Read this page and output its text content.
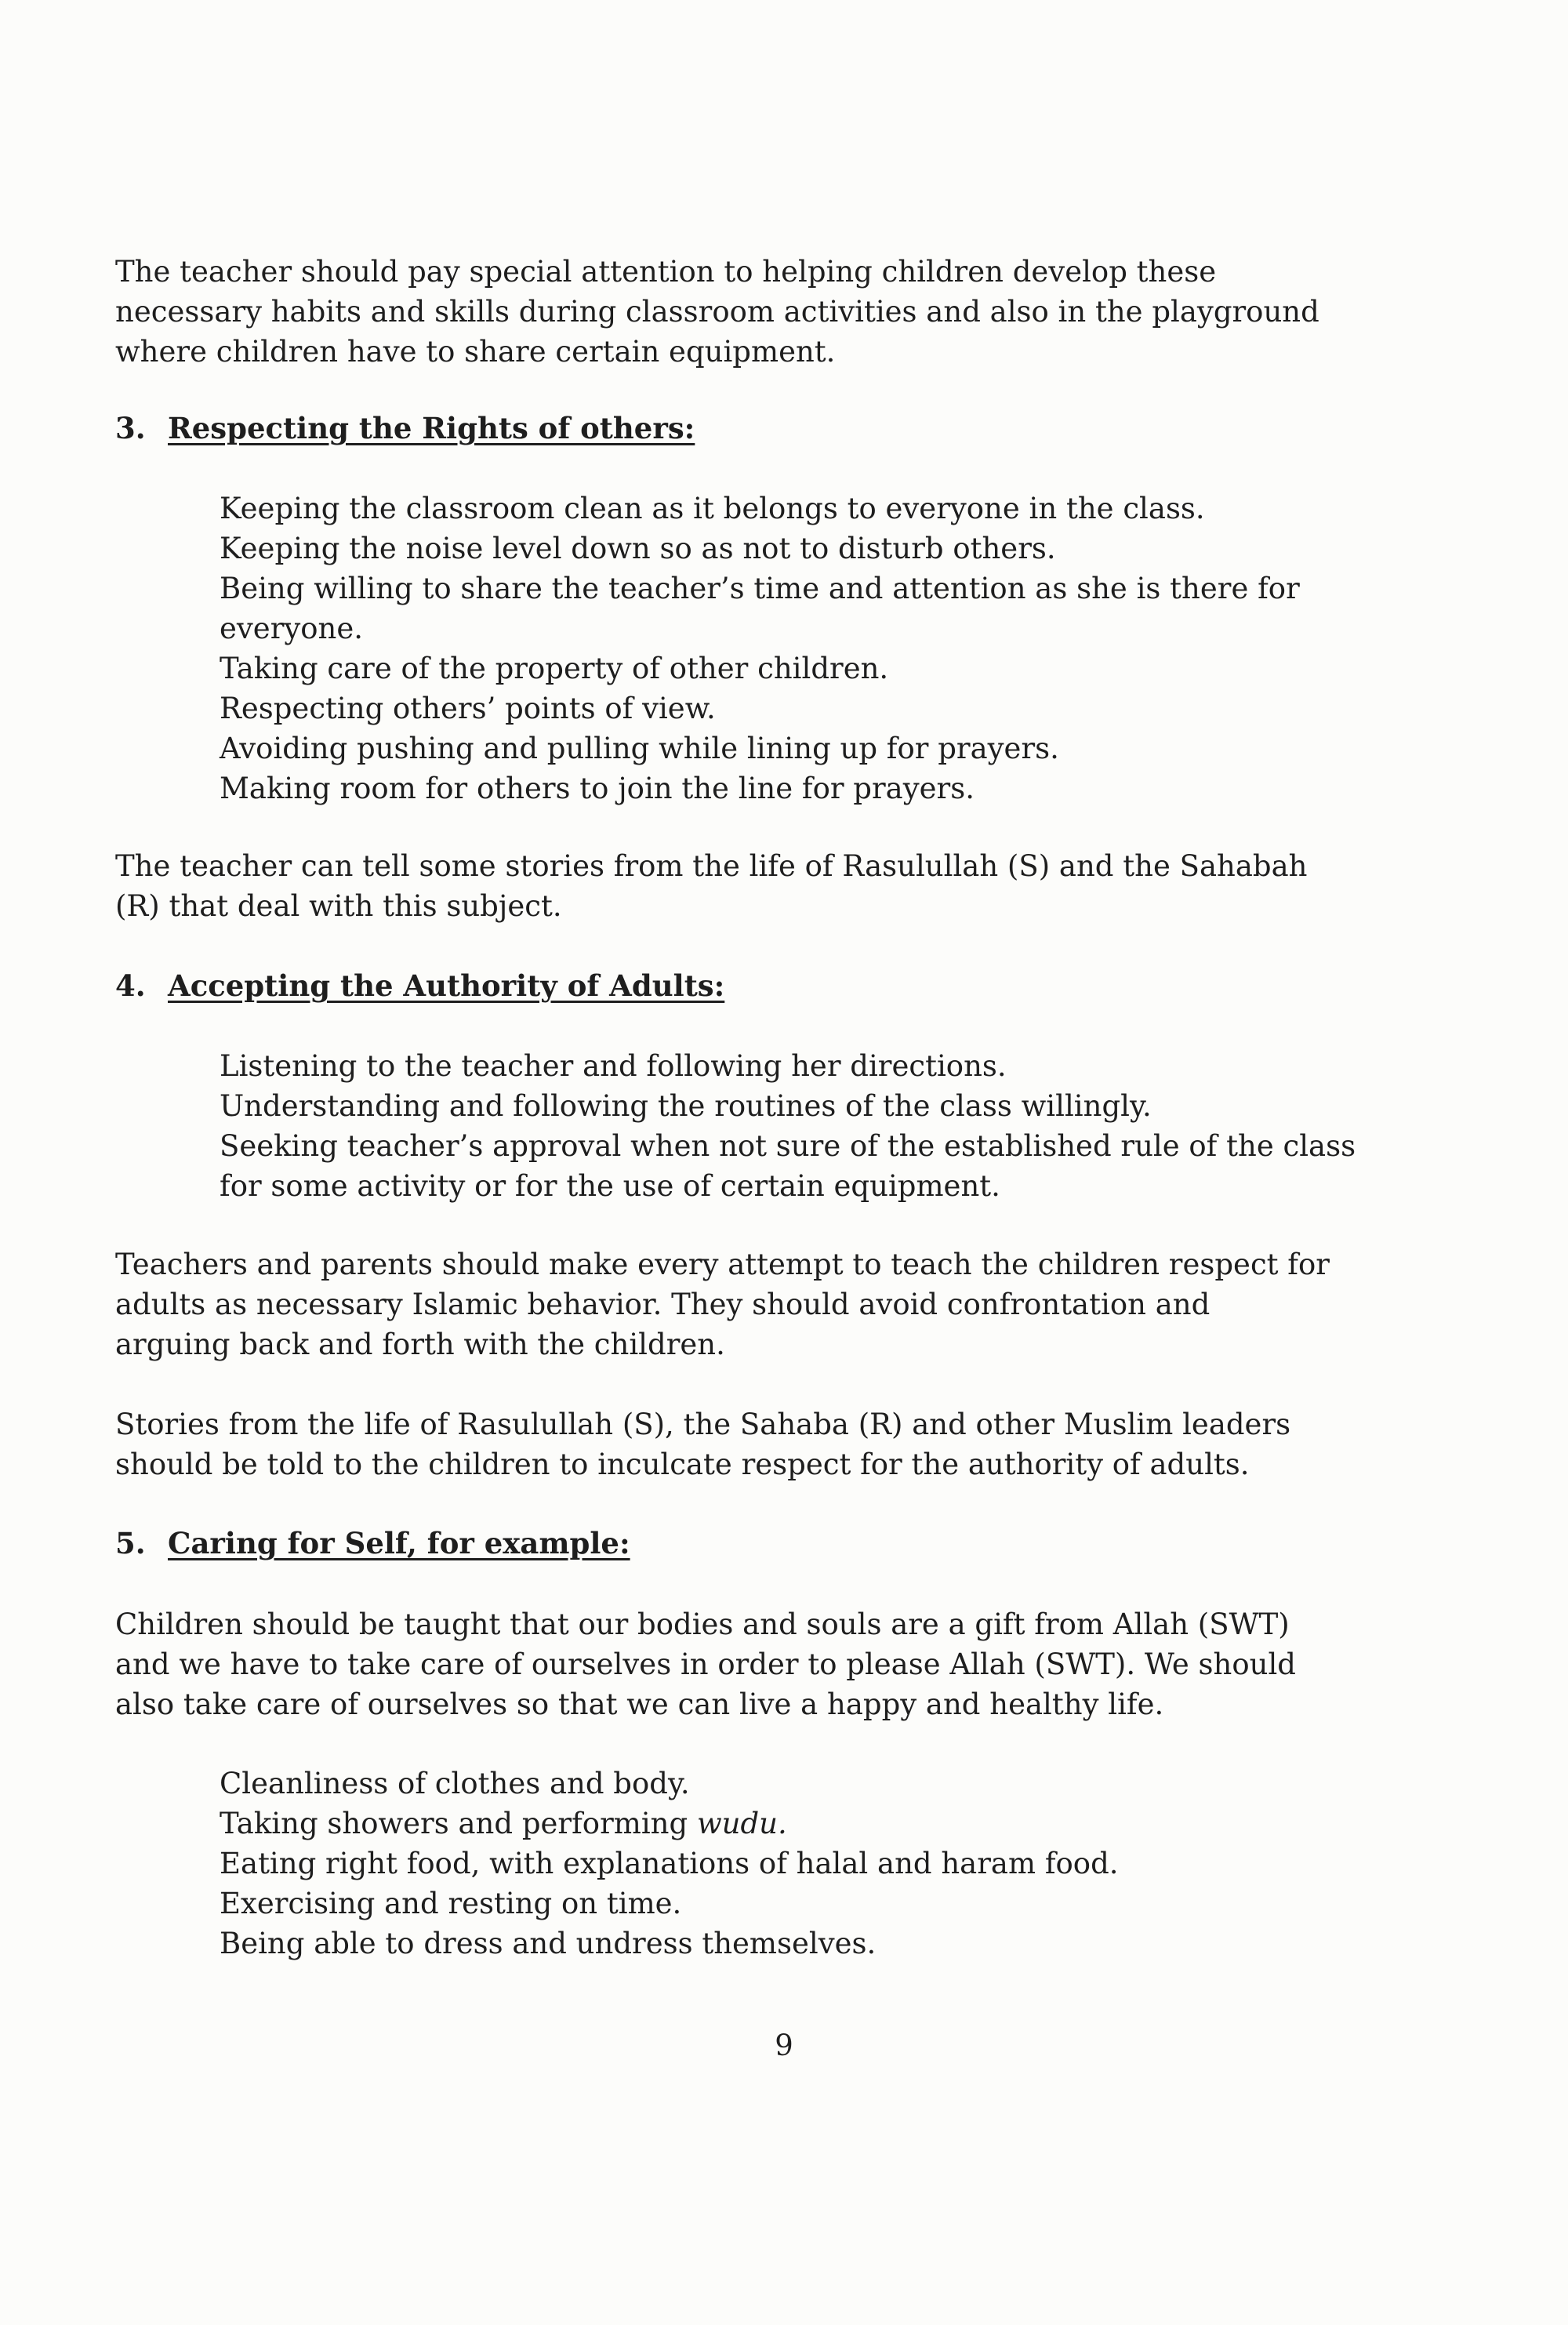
The teacher should pay special attention to helping children develop these
necessary habits and skills during classroom activities and also in the playground
where children have to share certain equipment.
3. Respecting the Rights of others:
Keeping the classroom clean as it belongs to everyone in the class.
Keeping the noise level down so as not to disturb others.
Being willing to share the teacher’s time and attention as she is there for
everyone.
Taking care of the property of other children.
Respecting others’ points of view.
Avoiding pushing and pulling while lining up for prayers.
Making room for others to join the line for prayers.
The teacher can tell some stories from the life of Rasulullah (S) and the Sahabah
(R) that deal with this subject.
4. Accepting the Authority of Adults:
Listening to the teacher and following her directions.
Understanding and following the routines of the class willingly.
Seeking teacher’s approval when not sure of the established rule of the class
for some activity or for the use of certain equipment.
Teachers and parents should make every attempt to teach the children respect for
adults as necessary Islamic behavior. They should avoid confrontation and
arguing back and forth with the children.
Stories from the life of Rasulullah (S), the Sahaba (R) and other Muslim leaders
should be told to the children to inculcate respect for the authority of adults.
5. Caring for Self, for example:
Children should be taught that our bodies and souls are a gift from Allah (SWT)
and we have to take care of ourselves in order to please Allah (SWT). We should
also take care of ourselves so that we can live a happy and healthy life.
Cleanliness of clothes and body.
Taking showers and performing wudu.
Eating right food, with explanations of halal and haram food.
Exercising and resting on time.
Being able to dress and undress themselves.
9
